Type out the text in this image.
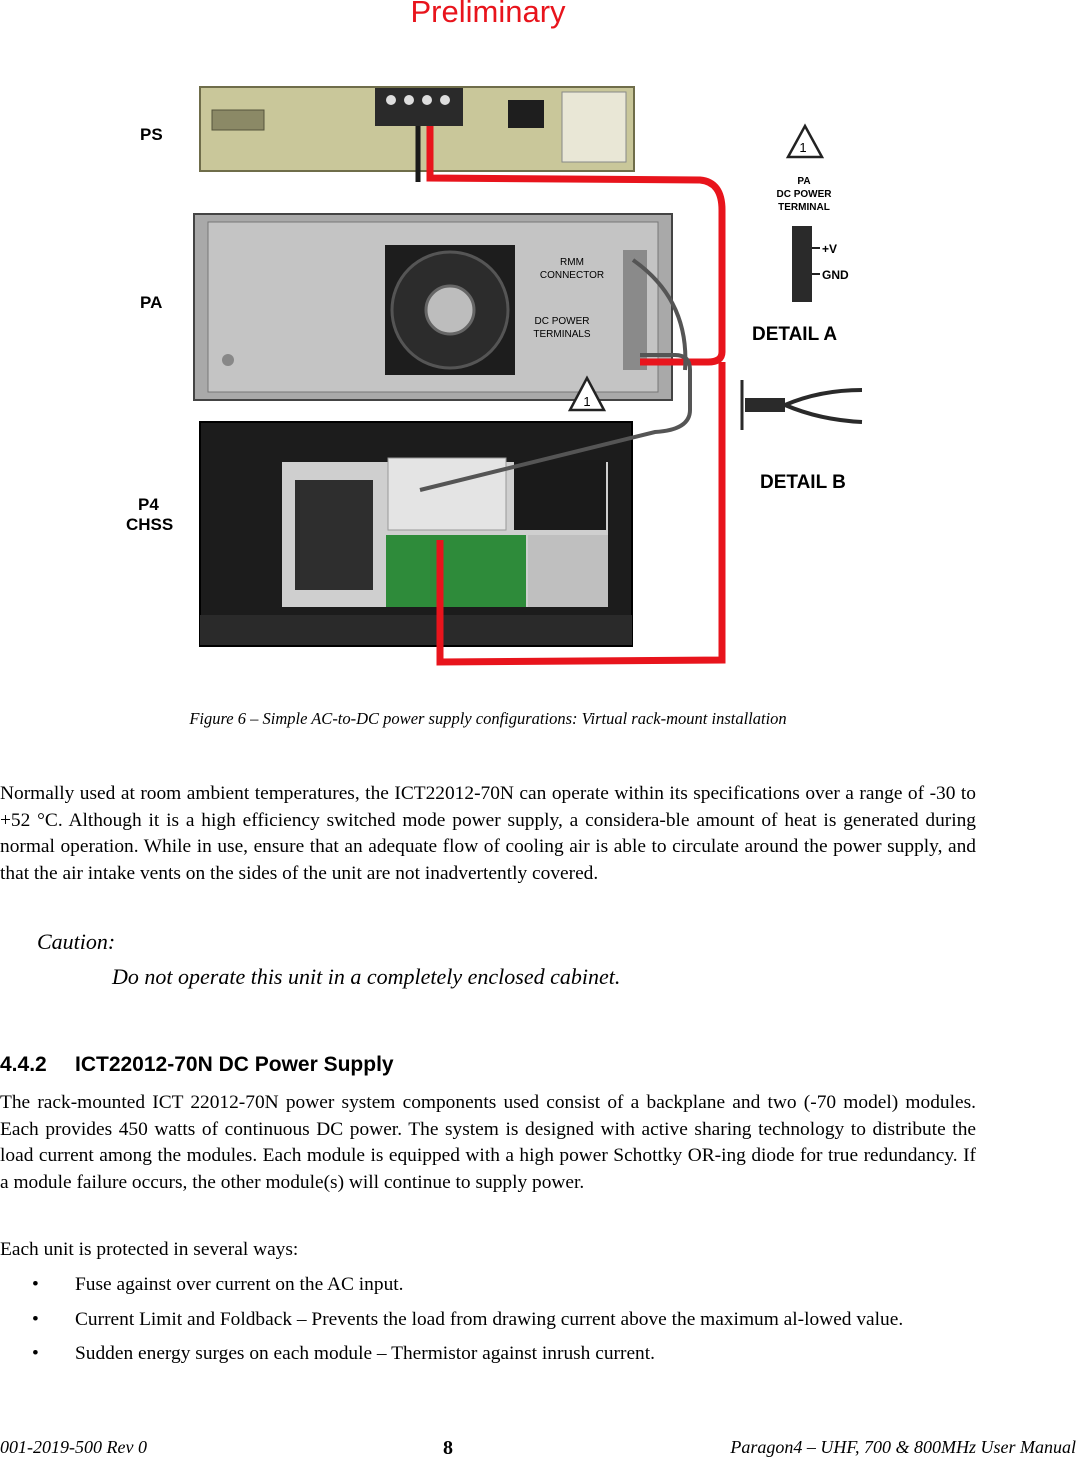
Preliminary
PS
PA
P4
CHSS
1
1
PA DC POWER TERMINAL
RMM CONNECTOR
DC POWER TERMINALS
+V
GND
DETAIL A
DETAIL B
Figure 6 – Simple AC-to-DC power supply configurations: Virtual rack-mount installation
Normally used at room ambient temperatures, the ICT22012-70N can operate within its specifications over a range of -30 to +52 °C. Although it is a high efficiency switched mode power supply, a considera-ble amount of heat is generated during normal operation. While in use, ensure that an adequate flow of cooling air is able to circulate around the power supply, and that the air intake vents on the sides of the unit are not inadvertently covered.
Caution:
Do not operate this unit in a completely enclosed cabinet.
4.4.2 ICT22012-70N DC Power Supply
The rack-mounted ICT 22012-70N power system components used consist of a backplane and two (-70 model) modules. Each provides 450 watts of continuous DC power. The system is designed with active sharing technology to distribute the load current among the modules. Each module is equipped with a high power Schottky OR-ing diode for true redundancy. If a module failure occurs, the other module(s) will continue to supply power.
Each unit is protected in several ways:
• Fuse against over current on the AC input.
• Current Limit and Foldback – Prevents the load from drawing current above the maximum al-lowed value.
• Sudden energy surges on each module – Thermistor against inrush current.
001-2019-500 Rev 0	8	Paragon4 – UHF, 700 & 800MHz User Manual
